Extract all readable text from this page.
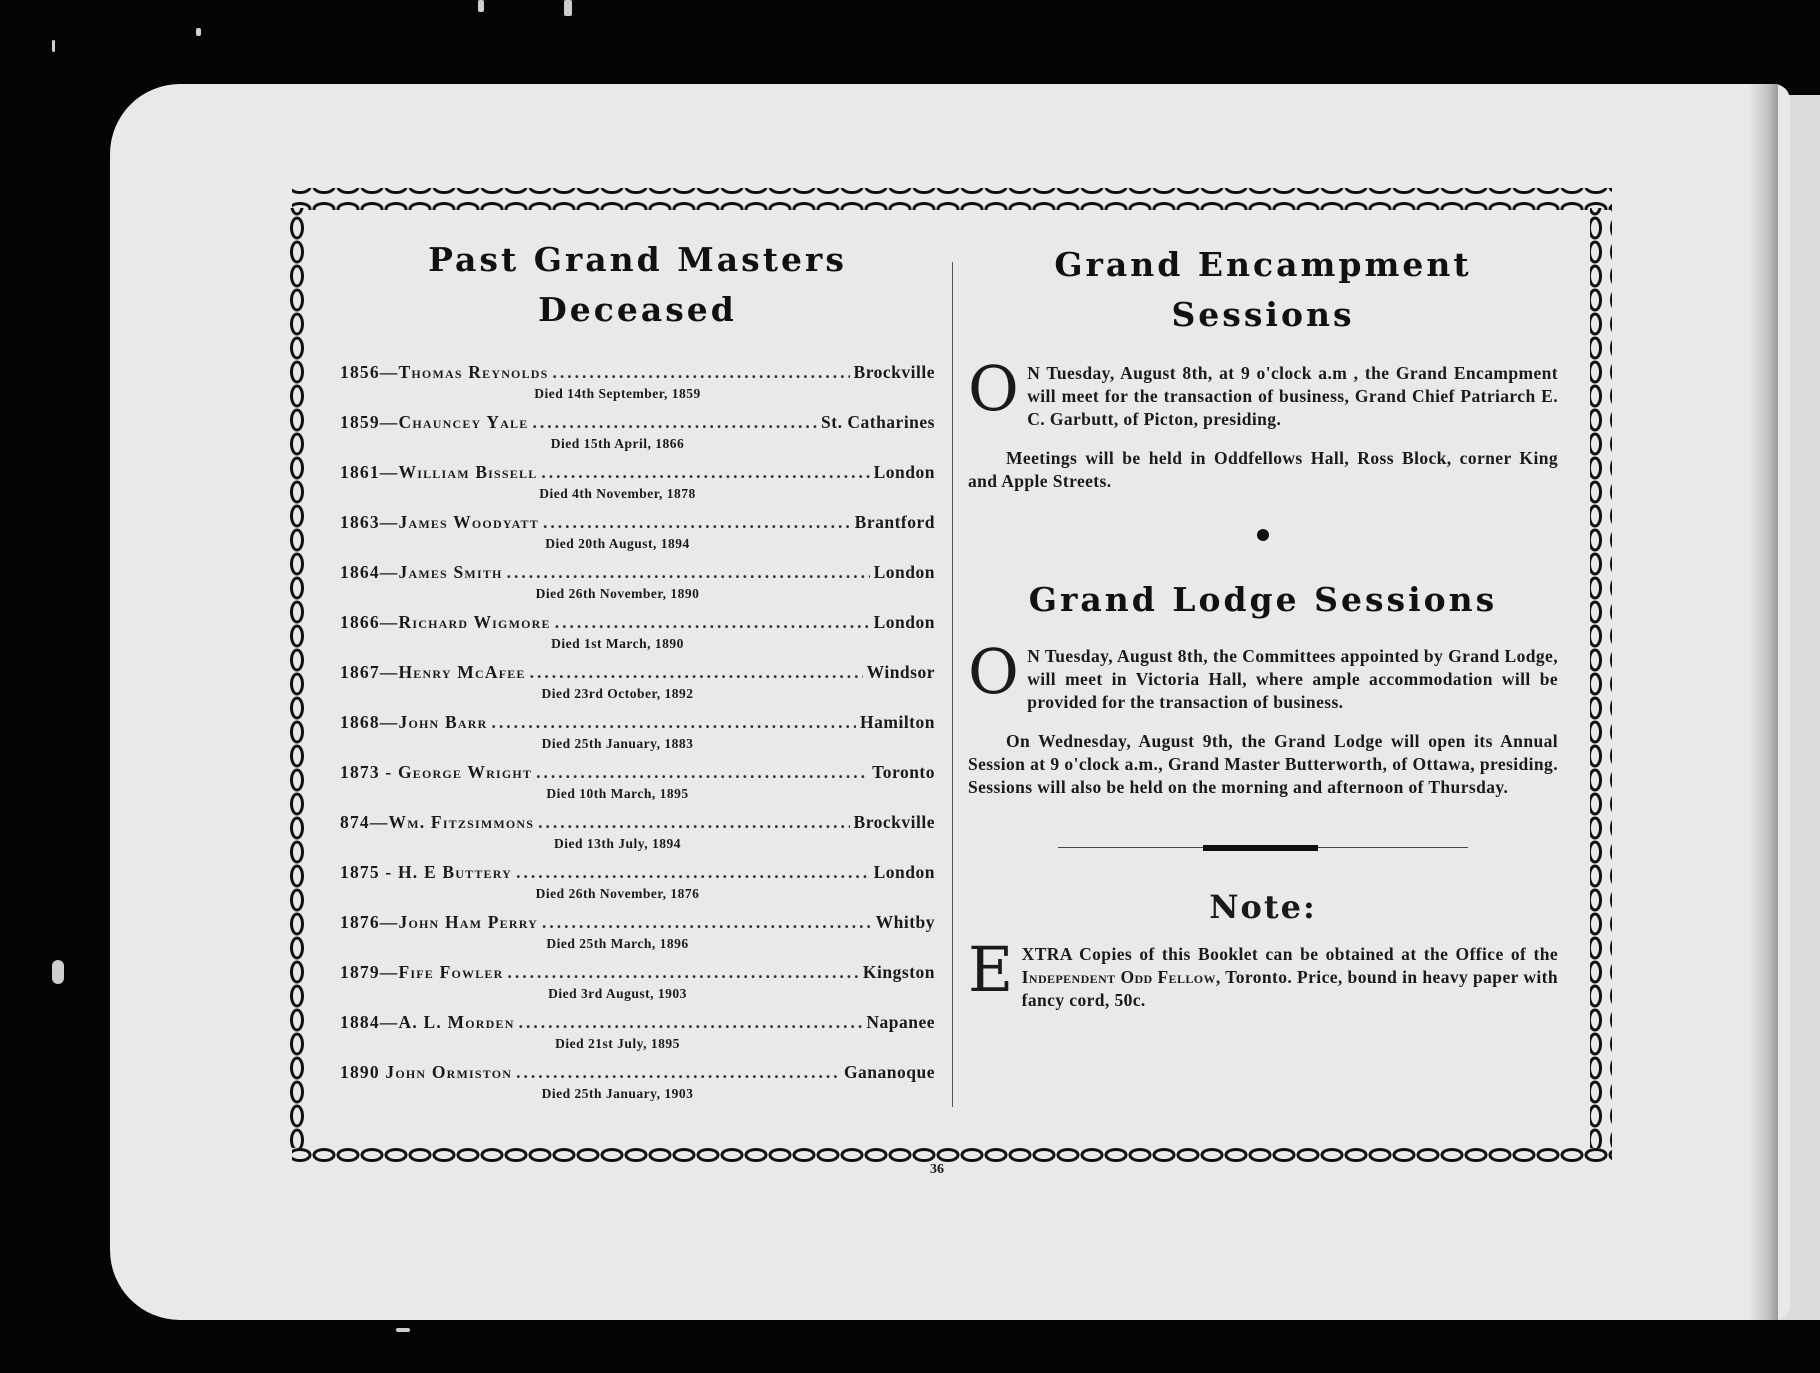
Past Grand Masters
Deceased
1856—Thomas Reynolds .....	Brockville
Died 14th September, 1859
1859—Chauncey Yale .....	St. Catharines
Died 15th April, 1866
1861—William Bissell .....	London
Died 4th November, 1878
1863—James Woodyatt .....	Brantford
Died 20th August, 1894
1864—James Smith .....	London
Died 26th November, 1890
1866—Richard Wigmore .....	London
Died 1st March, 1890
1867—Henry McAfee .....	Windsor
Died 23rd October, 1892
1868—John Barr .....	Hamilton
Died 25th January, 1883
1873 - George Wright .....	Toronto
Died 10th March, 1895
874—Wm. Fitzsimmons .....	Brockville
Died 13th July, 1894
1875 - H. E Buttery .....	London
Died 26th November, 1876
1876—John Ham Perry .....	Whitby
Died 25th March, 1896
1879—Fife Fowler .....	Kingston
Died 3rd August, 1903
1884—A. L. Morden .....	Napanee
Died 21st July, 1895
1890 John Ormiston .....	Gananoque
Died 25th January, 1903
Grand Encampment
Sessions

O N Tuesday, August 8th, at 9 o'clock a.m , the Grand Encampment will meet for the transaction of business, Grand Chief Patriarch E. C. Garbutt, of Picton, presiding.

Meetings will be held in Oddfellows Hall, Ross Block, corner King and Apple Streets.

Grand Lodge Sessions

O N Tuesday, August 8th, the Committees appointed by Grand Lodge, will meet in Victoria Hall, where ample accommodation will be provided for the transaction of business.

On Wednesday, August 9th, the Grand Lodge will open its Annual Session at 9 o'clock a.m., Grand Master Butterworth, of Ottawa, presiding. Sessions will also be held on the morning and afternoon of Thursday.

Note:

EXTRA Copies of this Booklet can be obtained at the Office of the Independent Odd Fellow, Toronto. Price, bound in heavy paper with fancy cord, 50c.

36
